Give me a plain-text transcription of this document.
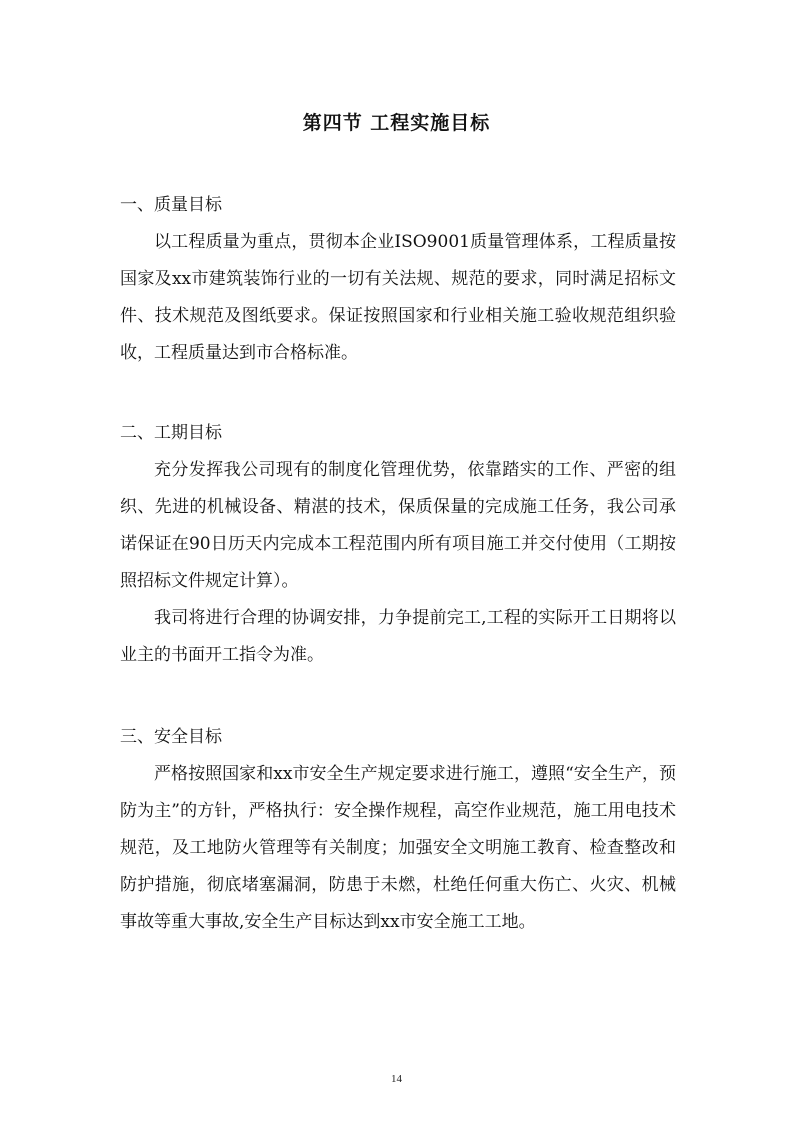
第四节 工程实施目标
一、质量目标

以工程质量为重点，贯彻本企业ISO9001质量管理体系，工程质量按国家及xx市建筑装饰行业的一切有关法规、规范的要求，同时满足招标文件、技术规范及图纸要求。保证按照国家和行业相关施工验收规范组织验收，工程质量达到市合格标准。

二、工期目标

充分发挥我公司现有的制度化管理优势，依靠踏实的工作、严密的组织、先进的机械设备、精湛的技术，保质保量的完成施工任务，我公司承诺保证在90日历天内完成本工程范围内所有项目施工并交付使用（工期按照招标文件规定计算）。

我司将进行合理的协调安排，力争提前完工,工程的实际开工日期将以业主的书面开工指令为准。

三、安全目标

严格按照国家和xx市安全生产规定要求进行施工，遵照“安全生产，预防为主”的方针，严格执行：安全操作规程，高空作业规范，施工用电技术规范，及工地防火管理等有关制度；加强安全文明施工教育、检查整改和防护措施，彻底堵塞漏洞，防患于未燃，杜绝任何重大伤亡、火灾、机械事故等重大事故,安全生产目标达到xx市安全施工工地。

14
